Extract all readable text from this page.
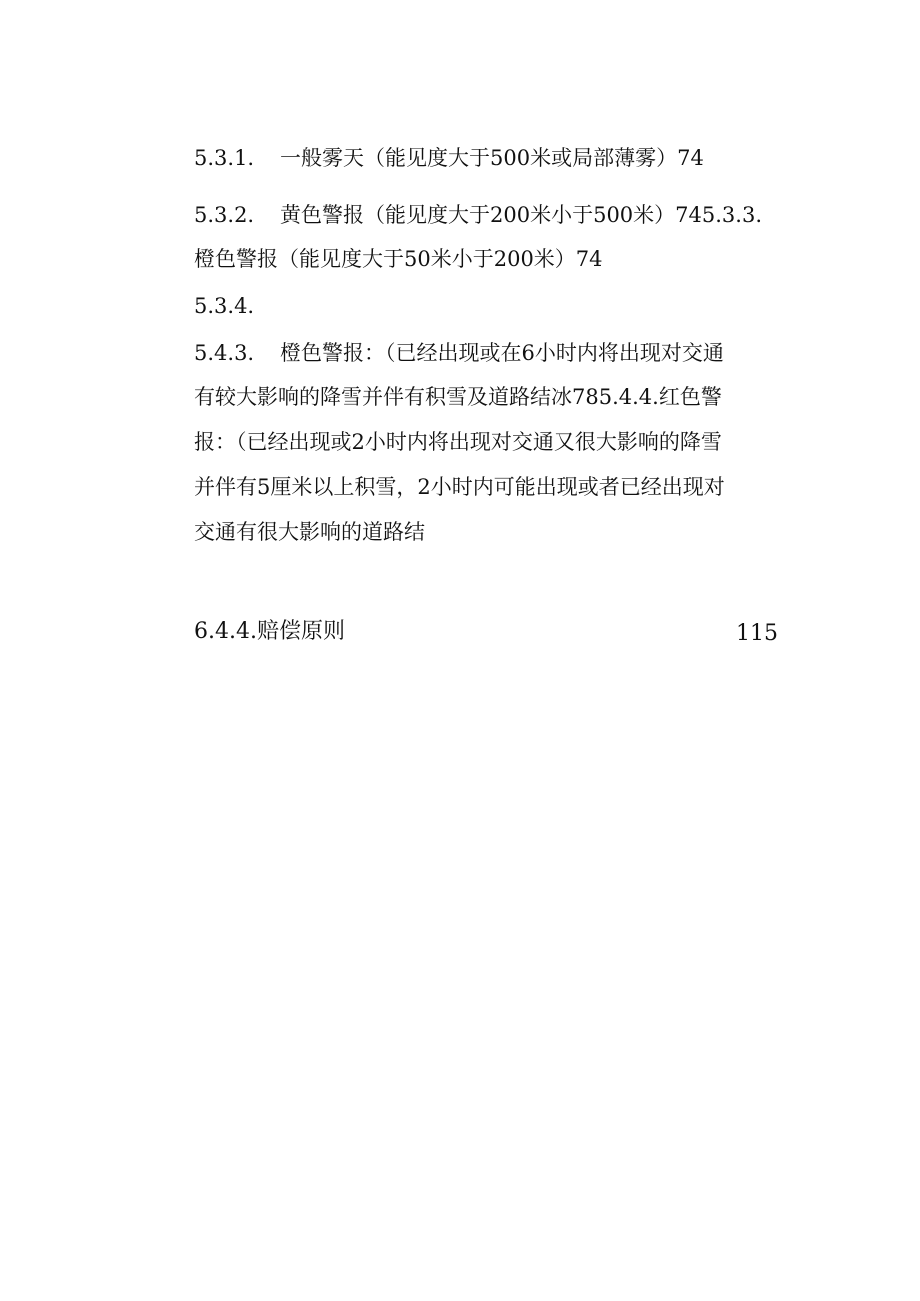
5.3.1. 一般雾天（能见度大于500米或局部薄雾）74
5.3.2. 黄色警报（能见度大于200米小于500米）745.3.3.
橙色警报（能见度大于50米小于200米）74
5.3.4.
5.4.3. 橙色警报：（已经出现或在6小时内将出现对交通
有较大影响的降雪并伴有积雪及道路结冰785.4.4.红色警
报：（已经出现或2小时内将出现对交通又很大影响的降雪
并伴有5厘米以上积雪，2小时内可能出现或者已经出现对
交通有很大影响的道路结
6.4.4.赔偿原则	115
